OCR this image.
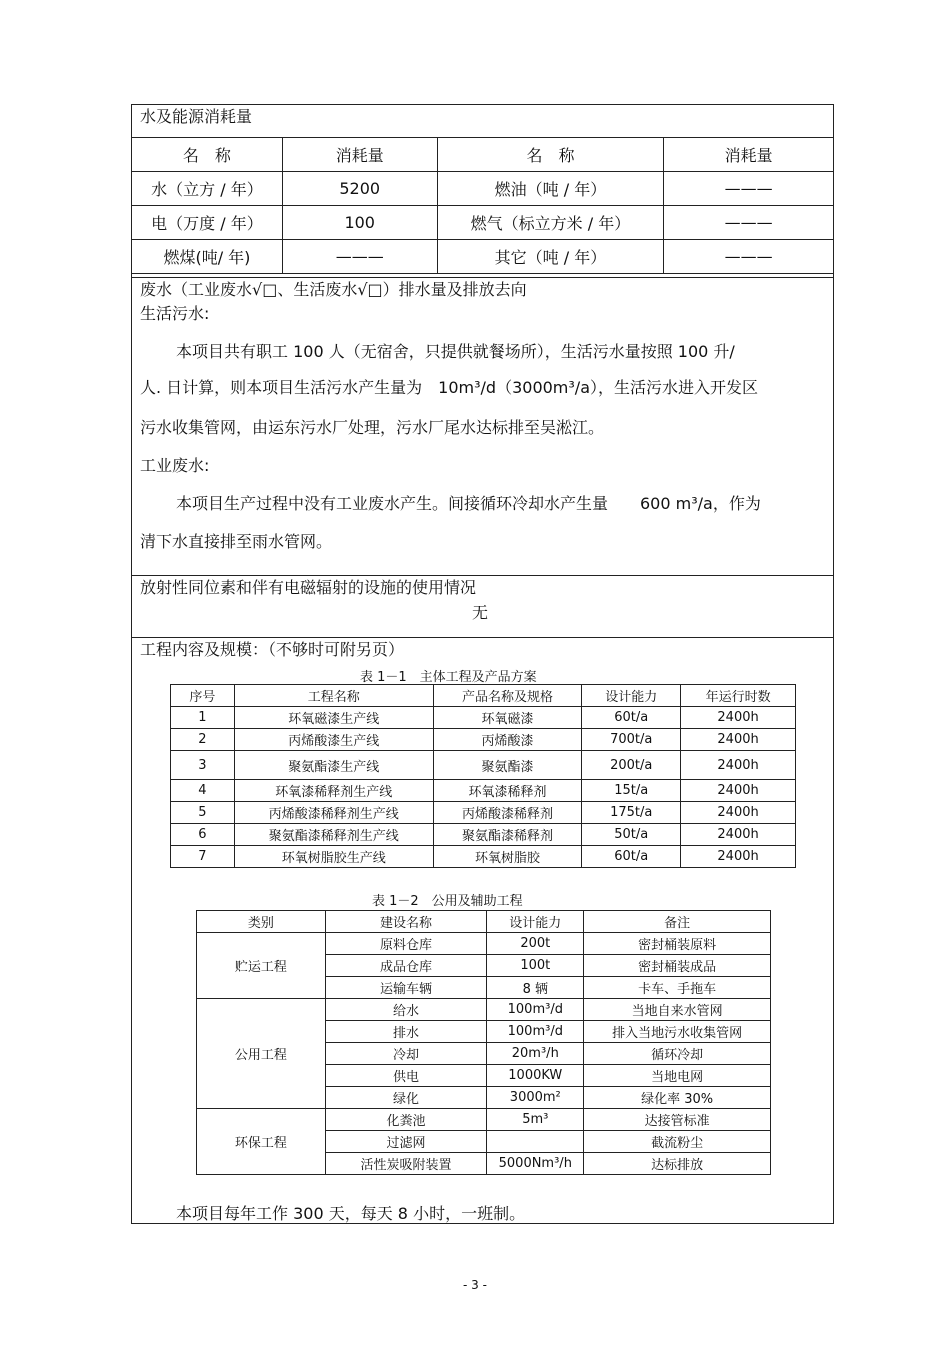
水及能源消耗量
名　称	消耗量	名　称	消耗量
水（立方 / 年）	5200	燃油（吨 / 年）	———
电（万度 / 年）	100	燃气（标立方米 / 年）	———
燃煤(吨/ 年)	———	其它（吨 / 年）	———
废水（工业废水√□、生活废水√□）排水量及排放去向
生活污水:
本项目共有职工 100 人（无宿舍，只提供就餐场所），生活污水量按照 100 升/
人. 日计算，则本项目生活污水产生量为　10m³/d（3000m³/a），生活污水进入开发区
污水收集管网，由运东污水厂处理，污水厂尾水达标排至吴淞江。
工业废水:
本项目生产过程中没有工业废水产生。间接循环冷却水产生量　　600 m³/a，作为
清下水直接排至雨水管网。
放射性同位素和伴有电磁辐射的设施的使用情况
无
工程内容及规模：（不够时可附另页）
表 1－1　主体工程及产品方案
序号	工程名称	产品名称及规格	设计能力	年运行时数
1	环氧磁漆生产线	环氧磁漆	60t/a	2400h
2	丙烯酸漆生产线	丙烯酸漆	700t/a	2400h
3	聚氨酯漆生产线	聚氨酯漆	200t/a	2400h
4	环氧漆稀释剂生产线	环氧漆稀释剂	15t/a	2400h
5	丙烯酸漆稀释剂生产线	丙烯酸漆稀释剂	175t/a	2400h
6	聚氨酯漆稀释剂生产线	聚氨酯漆稀释剂	50t/a	2400h
7	环氧树脂胶生产线	环氧树脂胶	60t/a	2400h
表 1－2　公用及辅助工程
类别	建设名称	设计能力	备注
贮运工程	原料仓库	200t	密封桶装原料
	成品仓库	100t	密封桶装成品
	运输车辆	8 辆	卡车、手拖车
公用工程	给水	100m³/d	当地自来水管网
	排水	100m³/d	排入当地污水收集管网
	冷却	20m³/h	循环冷却
	供电	1000KW	当地电网
	绿化	3000m²	绿化率 30%
环保工程	化粪池	5m³	达接管标准
	过滤网		截流粉尘
	活性炭吸附装置	5000Nm³/h	达标排放
本项目每年工作 300 天，每天 8 小时，一班制。
- 3 -
